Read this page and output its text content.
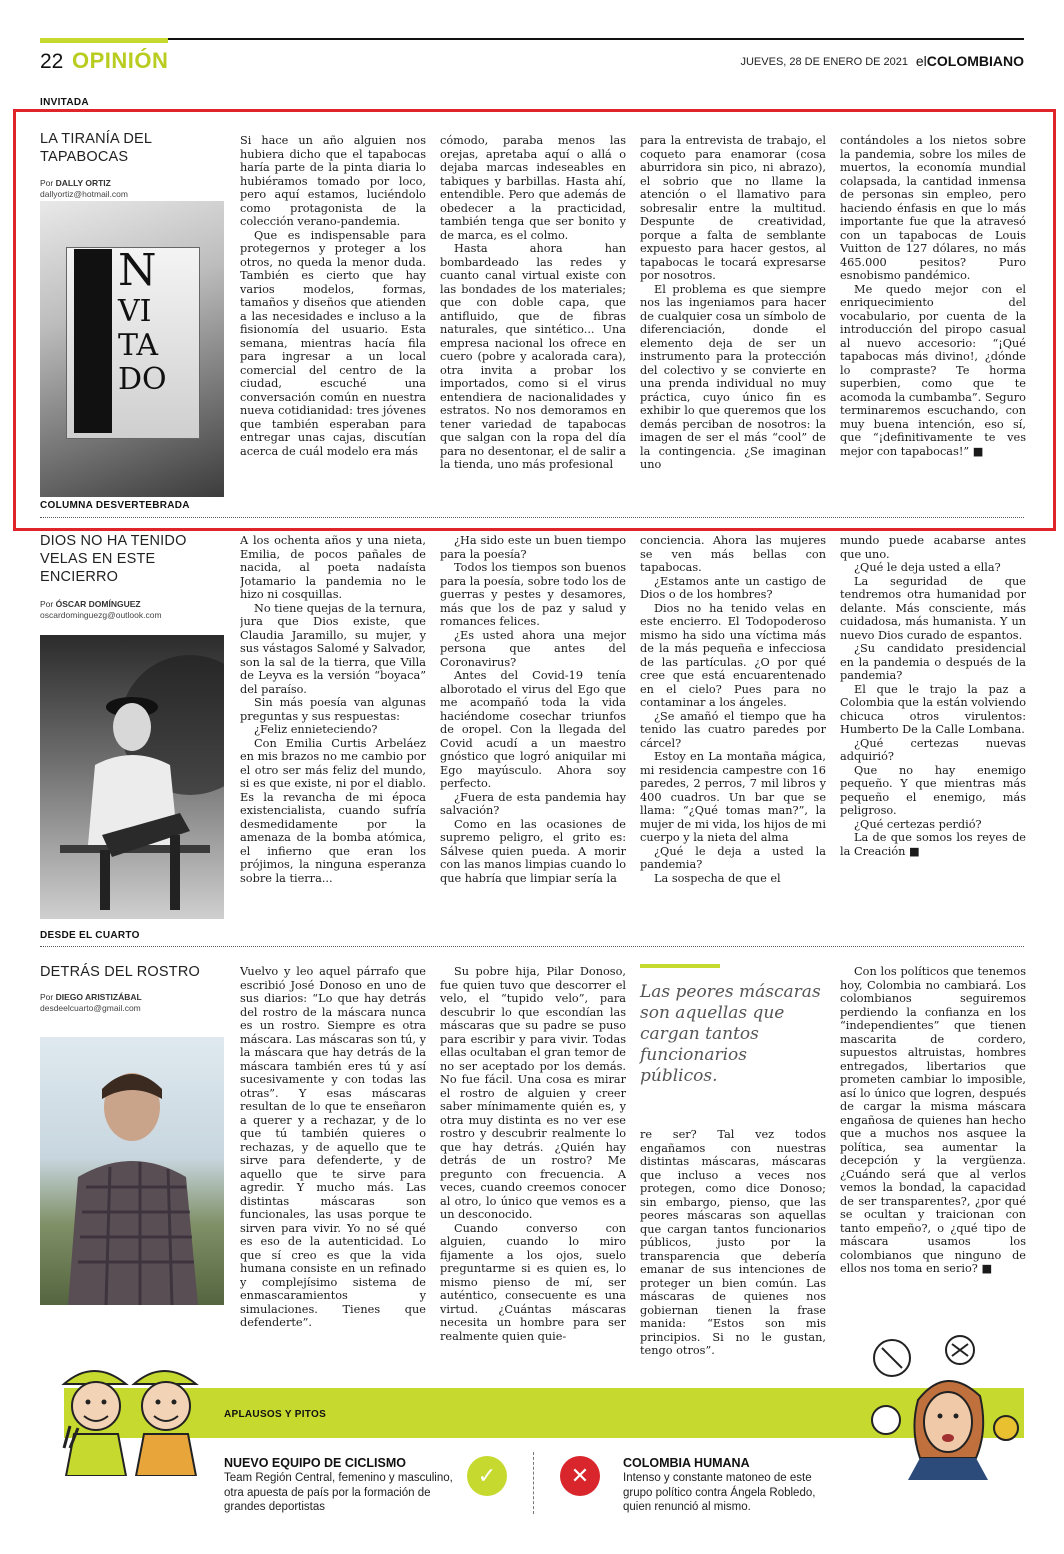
22 OPINIÓN	JUEVES, 28 DE ENERO DE 2021 elCOLOMBIANO
INVITADA
LA TIRANÍA DEL TAPABOCAS
Por DALLY ORTIZ
dallyortiz@hotmail.com
N
VI
TA
DO

Si hace un año alguien nos hubiera dicho que el tapabocas haría parte de la pinta diaria lo hubiéramos tomado por loco, pero aquí estamos, luciéndolo como protagonista de la colección verano-pandemia.

Que es indispensable para protegernos y proteger a los otros, no queda la menor duda. También es cierto que hay varios modelos, formas, tamaños y diseños que atienden a las necesidades e incluso a la fisionomía del usuario. Esta semana, mientras hacía fila para ingresar a un local comercial del centro de la ciudad, escuché una conversación común en nuestra nueva cotidianidad: tres jóvenes que también esperaban para entregar unas cajas, discutían acerca de cuál modelo era más

cómodo, paraba menos las orejas, apretaba aquí o allá o dejaba marcas indeseables en tabiques y barbillas. Hasta ahí, entendible. Pero que además de obedecer a la practicidad, también tenga que ser bonito y de marca, es el colmo.

Hasta ahora han bombardeado las redes y cuanto canal virtual existe con las bondades de los materiales; que con doble capa, que antifluido, que de fibras naturales, que sintético... Una empresa nacional los ofrece en cuero (pobre y acalorada cara), otra invita a probar los importados, como si el virus entendiera de nacionalidades y estratos. No nos demoramos en tener variedad de tapabocas que salgan con la ropa del día para no desentonar, el de salir a la tienda, uno más profesional

para la entrevista de trabajo, el coqueto para enamorar (cosa aburridora sin pico, ni abrazo), el sobrio que no llame la atención o el llamativo para sobresalir entre la multitud. Despunte de creatividad, porque a falta de semblante expuesto para hacer gestos, al tapabocas le tocará expresarse por nosotros.

El problema es que siempre nos las ingeniamos para hacer de cualquier cosa un símbolo de diferenciación, donde el elemento deja de ser un instrumento para la protección del colectivo y se convierte en una prenda individual no muy práctica, cuyo único fin es exhibir lo que queremos que los demás perciban de nosotros: la imagen de ser el más “cool” de la contingencia. ¿Se imaginan uno

contándoles a los nietos sobre la pandemia, sobre los miles de muertos, la economía mundial colapsada, la cantidad inmensa de personas sin empleo, pero haciendo énfasis en que lo más importante fue que la atravesó con un tapabocas de Louis Vuitton de 127 dólares, no más 465.000 pesitos? Puro esnobismo pandémico.

Me quedo mejor con el enriquecimiento del vocabulario, por cuenta de la introducción del piropo casual al nuevo accesorio: “¡Qué tapabocas más divino!, ¿dónde lo compraste? Te horma superbien, como que te acomoda la cumbamba”. Seguro terminaremos escuchando, con muy buena intención, eso sí, que “¡definitivamente te ves mejor con tapabocas!” ■

COLUMNA DESVERTEBRADA
DIOS NO HA TENIDO VELAS EN ESTE ENCIERRO
Por ÓSCAR DOMÍNGUEZ
oscardominguezg@outlook.com

A los ochenta años y una nieta, Emilia, de pocos pañales de nacida, al poeta nadaísta Jotamario la pandemia no le hizo ni cosquillas.

No tiene quejas de la ternura, jura que Dios existe, que Claudia Jaramillo, su mujer, y sus vástagos Salomé y Salvador, son la sal de la tierra, que Villa de Leyva es la versión “boyaca” del paraíso.

Sin más poesía van algunas preguntas y sus respuestas:

¿Feliz ennieteciendo?

Con Emilia Curtis Arbeláez en mis brazos no me cambio por el otro ser más feliz del mundo, si es que existe, ni por el diablo. Es la revancha de mi época existencialista, cuando sufría desmedidamente por la amenaza de la bomba atómica, el infierno que eran los prójimos, la ninguna esperanza sobre la tierra...

¿Ha sido este un buen tiempo para la poesía?

Todos los tiempos son buenos para la poesía, sobre todo los de guerras y pestes y desamores, más que los de paz y salud y romances felices.

¿Es usted ahora una mejor persona que antes del Coronavirus?

Antes del Covid-19 tenía alborotado el virus del Ego que me acompañó toda la vida haciéndome cosechar triunfos de oropel. Con la llegada del Covid acudí a un maestro gnóstico que logró aniquilar mi Ego mayúsculo. Ahora soy perfecto.

¿Fuera de esta pandemia hay salvación?

Como en las ocasiones de supremo peligro, el grito es: Sálvese quien pueda. A morir con las manos limpias cuando lo que habría que limpiar sería la

conciencia. Ahora las mujeres se ven más bellas con tapabocas.

¿Estamos ante un castigo de Dios o de los hombres?

Dios no ha tenido velas en este encierro. El Todopoderoso mismo ha sido una víctima más de la más pequeña e infecciosa de las partículas. ¿O por qué cree que está encuarentenado en el cielo? Pues para no contaminar a los ángeles.

¿Se amañó el tiempo que ha tenido las cuatro paredes por cárcel?

Estoy en La montaña mágica, mi residencia campestre con 16 paredes, 2 perros, 7 mil libros y 400 cuadros. Un bar que se llama: “¿Qué tomas man?”, la mujer de mi vida, los hijos de mi cuerpo y la nieta del alma

¿Qué le deja a usted la pandemia?

La sospecha de que el

mundo puede acabarse antes que uno.

¿Qué le deja usted a ella?

La seguridad de que tendremos otra humanidad por delante. Más consciente, más cuidadosa, más humanista. Y un nuevo Dios curado de espantos.

¿Su candidato presidencial en la pandemia o después de la pandemia?

El que le trajo la paz a Colombia que la están volviendo chicuca otros virulentos: Humberto De la Calle Lombana.

¿Qué certezas nuevas adquirió?

Que no hay enemigo pequeño. Y que mientras más pequeño el enemigo, más peligroso.

¿Qué certezas perdió?

La de que somos los reyes de la Creación ■

DESDE EL CUARTO
DETRÁS DEL ROSTRO
Por DIEGO ARISTIZÁBAL
desdeelcuarto@gmail.com

Vuelvo y leo aquel párrafo que escribió José Donoso en uno de sus diarios: “Lo que hay detrás del rostro de la máscara nunca es un rostro. Siempre es otra máscara. Las máscaras son tú, y la máscara que hay detrás de la máscara también eres tú y así sucesivamente y con todas las otras”. Y esas máscaras resultan de lo que te enseñaron a querer y a rechazar, y de lo que tú también quieres o rechazas, y de aquello que te sirve para defenderte, y de aquello que te sirve para agredir. Y mucho más. Las distintas máscaras son funcionales, las usas porque te sirven para vivir. Yo no sé qué es eso de la autenticidad. Lo que sí creo es que la vida humana consiste en un refinado y complejísimo sistema de enmascaramientos y simulaciones. Tienes que defenderte”.

Su pobre hija, Pilar Donoso, fue quien tuvo que descorrer el velo, el “tupido velo”, para descubrir lo que escondían las máscaras que su padre se puso para escribir y para vivir. Todas ellas ocultaban el gran temor de no ser aceptado por los demás. No fue fácil. Una cosa es mirar el rostro de alguien y creer saber mínimamente quién es, y otra muy distinta es no ver ese rostro y descubrir realmente lo que hay detrás. ¿Quién hay detrás de un rostro? Me pregunto con frecuencia. A veces, cuando creemos conocer al otro, lo único que vemos es a un desconocido.

Cuando converso con alguien, cuando lo miro fijamente a los ojos, suelo preguntarme si es quien es, lo mismo pienso de mí, ser auténtico, consecuente es una virtud. ¿Cuántas máscaras necesita un hombre para ser realmente quien quie-

Las peores máscaras son aquellas que cargan tantos funcionarios públicos.

re ser? Tal vez todos engañamos con nuestras distintas máscaras, máscaras que incluso a veces nos protegen, como dice Donoso; sin embargo, pienso, que las peores máscaras son aquellas que cargan tantos funcionarios públicos, justo por la transparencia que debería emanar de sus intenciones de proteger un bien común. Las máscaras de quienes nos gobiernan tienen la frase manida: “Estos son mis principios. Si no le gustan, tengo otros”.

Con los políticos que tenemos hoy, Colombia no cambiará. Los colombianos seguiremos perdiendo la confianza en los “independientes” que tienen mascarita de cordero, supuestos altruistas, hombres entregados, libertarios que prometen cambiar lo imposible, así lo único que logren, después de cargar la misma máscara engañosa de quienes han hecho que a muchos nos asquee la política, sea aumentar la decepción y la vergüenza. ¿Cuándo será que al verlos vemos la bondad, la capacidad de ser transparentes?, ¿por qué se ocultan y traicionan con tanto empeño?, o ¿qué tipo de máscara usamos los colombianos que ninguno de ellos nos toma en serio? ■

APLAUSOS Y PITOS
NUEVO EQUIPO DE CICLISMO
Team Región Central, femenino y masculino, otra apuesta de país por la formación de grandes deportistas
✓	✕
COLOMBIA HUMANA
Intenso y constante matoneo de este grupo político contra Ángela Robledo, quien renunció al mismo.
